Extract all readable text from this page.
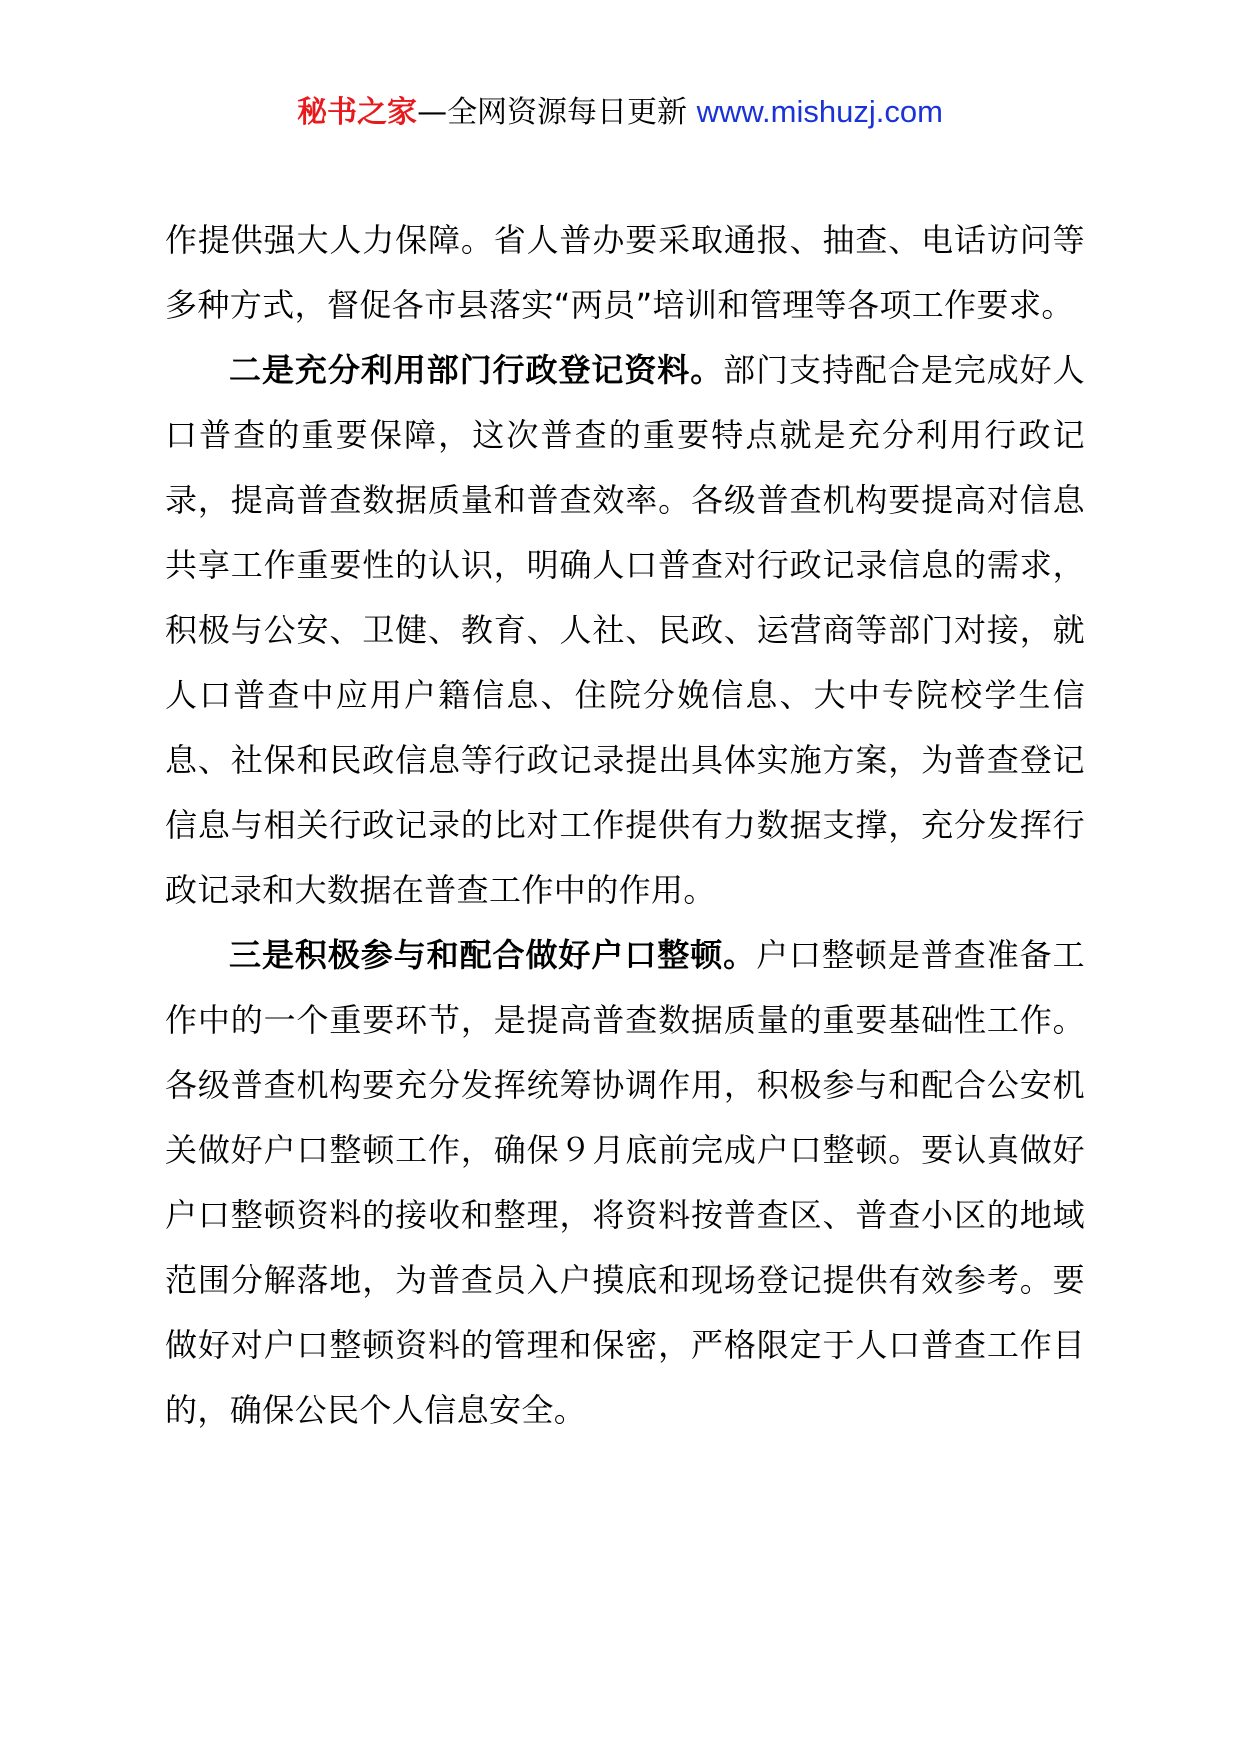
秘书之家—全网资源每日更新 www.mishuzj.com

作提供强大人力保障。省人普办要采取通报、抽查、电话访问等多种方式，督促各市县落实“两员”培训和管理等各项工作要求。

二是充分利用部门行政登记资料。部门支持配合是完成好人口普查的重要保障，这次普查的重要特点就是充分利用行政记录，提高普查数据质量和普查效率。各级普查机构要提高对信息共享工作重要性的认识，明确人口普查对行政记录信息的需求，积极与公安、卫健、教育、人社、民政、运营商等部门对接，就人口普查中应用户籍信息、住院分娩信息、大中专院校学生信息、社保和民政信息等行政记录提出具体实施方案，为普查登记信息与相关行政记录的比对工作提供有力数据支撑，充分发挥行政记录和大数据在普查工作中的作用。

三是积极参与和配合做好户口整顿。户口整顿是普查准备工作中的一个重要环节，是提高普查数据质量的重要基础性工作。各级普查机构要充分发挥统筹协调作用，积极参与和配合公安机关做好户口整顿工作，确保９月底前完成户口整顿。要认真做好户口整顿资料的接收和整理，将资料按普查区、普查小区的地域范围分解落地，为普查员入户摸底和现场登记提供有效参考。要做好对户口整顿资料的管理和保密，严格限定于人口普查工作目的，确保公民个人信息安全。
